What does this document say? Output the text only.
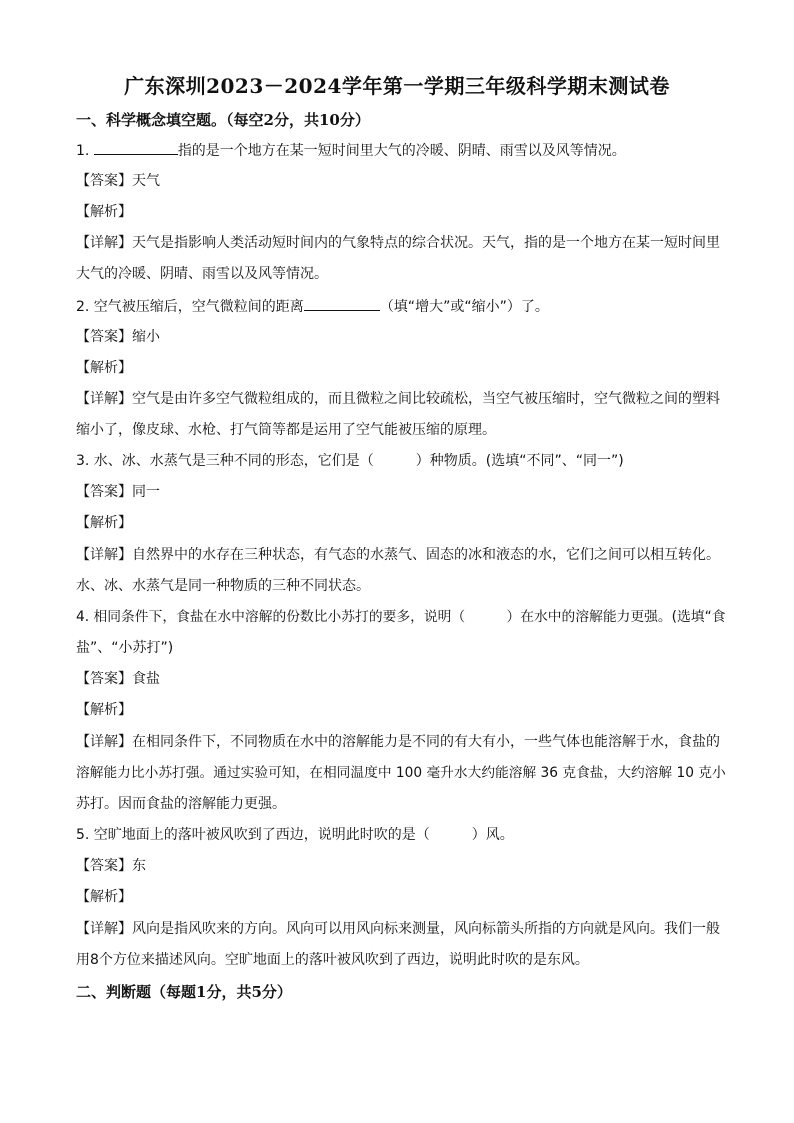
广东深圳2023－2024学年第一学期三年级科学期末测试卷
一、科学概念填空题。（每空2分，共10分）
1.	指的是一个地方在某一短时间里大气的冷暖、阴晴、雨雪以及风等情况。
【答案】天气
【解析】
【详解】天气是指影响人类活动短时间内的气象特点的综合状况。天气，指的是一个地方在某一短时间里
大气的冷暖、阴晴、雨雪以及风等情况。
2. 空气被压缩后，空气微粒间的距离	（填“增大”或“缩小”）了。
【答案】缩小
【解析】
【详解】空气是由许多空气微粒组成的，而且微粒之间比较疏松，当空气被压缩时，空气微粒之间的塑料
缩小了，像皮球、水枪、打气筒等都是运用了空气能被压缩的原理。
3. 水、冰、水蒸气是三种不同的形态，它们是（　　　）种物质。(选填“不同”、“同一”)
【答案】同一
【解析】
【详解】自然界中的水存在三种状态，有气态的水蒸气、固态的冰和液态的水，它们之间可以相互转化。
水、冰、水蒸气是同一种物质的三种不同状态。
4. 相同条件下，食盐在水中溶解的份数比小苏打的要多，说明（　　　）在水中的溶解能力更强。(选填“食
盐”、“小苏打”)
【答案】食盐
【解析】
【详解】在相同条件下，不同物质在水中的溶解能力是不同的有大有小，一些气体也能溶解于水，食盐的
溶解能力比小苏打强。通过实验可知，在相同温度中 100 毫升水大约能溶解 36 克食盐，大约溶解 10 克小
苏打。因而食盐的溶解能力更强。
5. 空旷地面上的落叶被风吹到了西边，说明此时吹的是（　　　）风。
【答案】东
【解析】
【详解】风向是指风吹来的方向。风向可以用风向标来测量，风向标箭头所指的方向就是风向。我们一般
用8个方位来描述风向。空旷地面上的落叶被风吹到了西边，说明此时吹的是东风。
二、判断题（每题1分，共5分）
